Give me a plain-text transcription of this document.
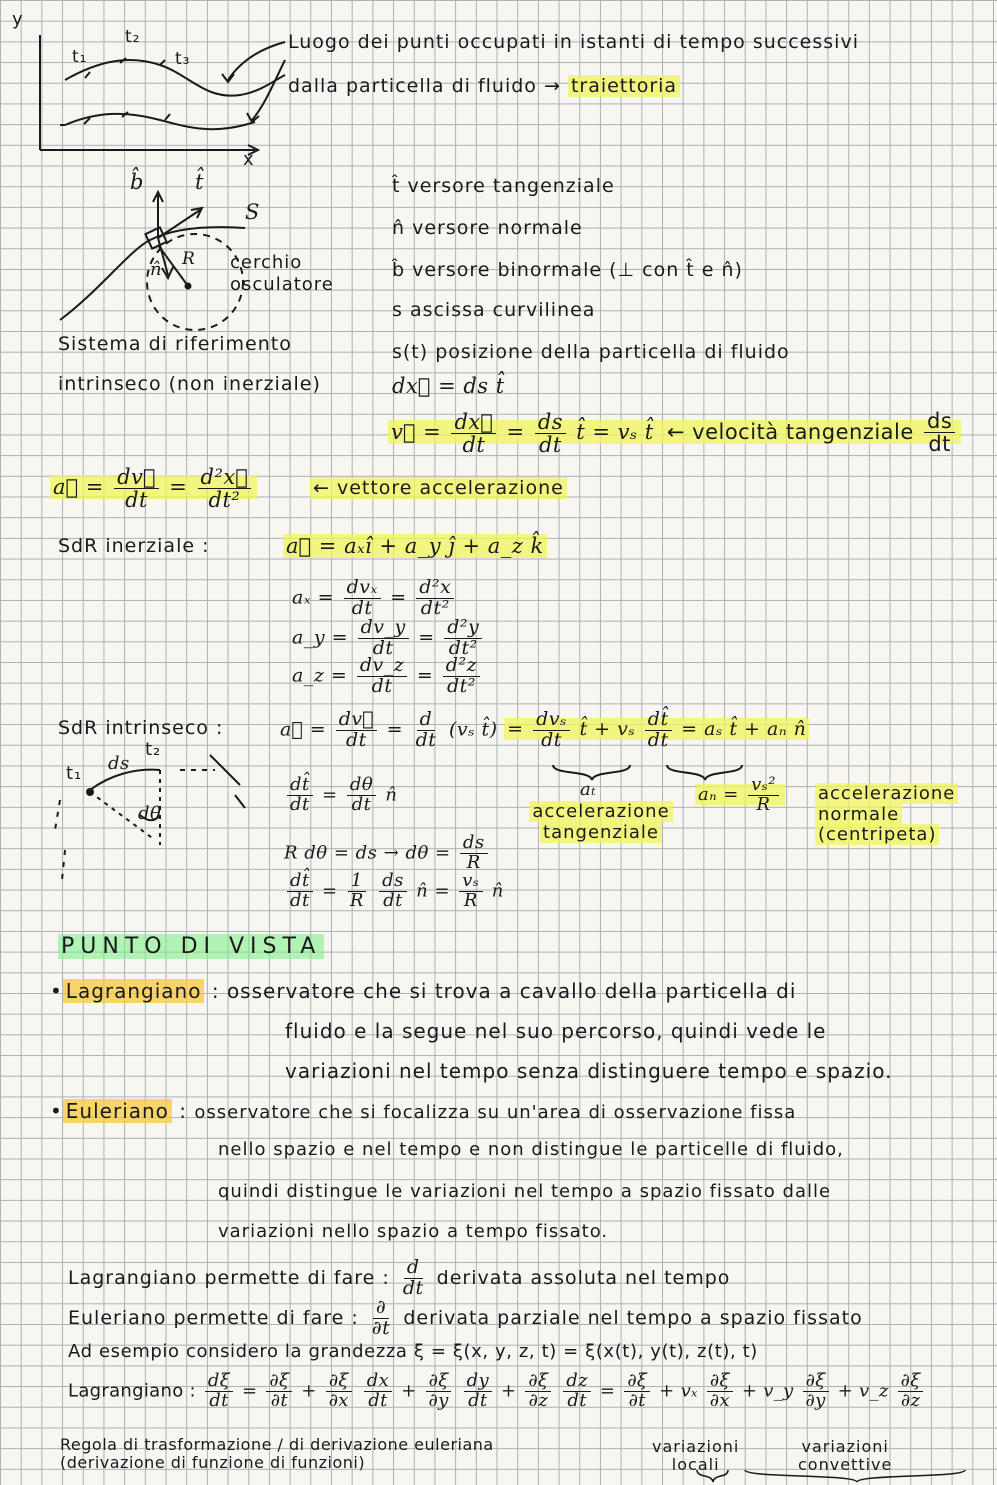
y
x
t₁
t₂
t₃
Luogo dei punti occupati in istanti di tempo successivi
dalla particella di fluido → traiettoria
b̂ t̂
S
n̂ R cerchio osculatore
Sistema di riferimento
intrinseco (non inerziale)
t̂ versore tangenziale
n̂ versore normale
b̂ versore binormale (⊥ con t̂ e n̂)
s ascissa curvilinea
s(t) posizione della particella di fluido
dx⃗ = ds t̂
v⃗ = $\frac{dx⃗}{dt} = \frac{ds}{dt}$ t̂ = vₛ t̂ ← velocità tangenziale $\frac{ds}{dt}$
a⃗ = $\frac{dv⃗}{dt} = \frac{\text{d²x⃗}}{\text{dt²}}$	← vettore accelerazione
SdR inerziale :	a⃗ = aₓî + a_y ĵ + a_z k̂
$a_x = \frac{\text{dvₓ}}{dt} = \frac{\text{d²x}}{\text{dt²}}$
a_y = $\frac{dv\_y}{dt} = \frac{\text{d²y}}{\text{dt²}}$
a_z = $\frac{dv\_z}{dt} = \frac{\text{d²z}}{\text{dt²}}$
SdR intrinseco :	a⃗ = $\frac{dv⃗}{dt} = \frac{d}{dt} (v_s$ t̂) = $\frac{\text{dvₛ}}{dt}$ t̂ + vₛ $\frac{dt̂}{dt} = a_s$ t̂ + aₙ n̂
aₜ
accelerazione
tangenziale
$a_n = \frac{\text{vₛ²}}{R}$ accelerazione
normale
(centripeta)
$\frac{dt̂}{dt} = \frac{d\theta}{dt}$ n̂
R dθ = ds → $d\theta = \frac{ds}{R}$
$\frac{dt̂}{dt} = \frac{1}{R}$
$\frac{ds}{dt}$ n̂ = $\frac{\text{vₛ}}{R}$ n̂
t₁
t₂
ds
dθ
PUNTO DI VISTA
• Lagrangiano : osservatore che si trova a cavallo della particella di
fluido e la segue nel suo percorso, quindi vede le
variazioni nel tempo senza distinguere tempo e spazio.
• Euleriano : osservatore che si focalizza su un'area di osservazione fissa
nello spazio e nel tempo e non distingue le particelle di fluido,
quindi distingue le variazioni nel tempo a spazio fissato dalle
variazioni nello spazio a tempo fissato.
Lagrangiano permette di fare : $\frac{d}{dt}$ derivata assoluta nel tempo
Euleriano permette di fare : $\frac{\partial}{\partial t}$ derivata parziale nel tempo a spazio fissato
Ad esempio considero la grandezza ξ = ξ(x, y, z, t) = ξ(x(t), y(t), z(t), t)
Lagrangiano : $\frac{d\xi}{dt} = \frac{\partial\xi}{\partial t} + \frac{\partial\xi}{\partial x}$
$\frac{dx}{dt} + \frac{\partial\xi}{\partial y}$
$\frac{dy}{dt} + \frac{\partial\xi}{\partial z}$
$\frac{dz}{dt} = \frac{\partial\xi}{\partial t} + v_x \frac{\partial\xi}{\partial x}$ + v_y $\frac{\partial\xi}{\partial y}$ + v_z $\frac{\partial\xi}{\partial z}$
Regola di trasformazione / di derivazione euleriana
(derivazione di funzione di funzioni)
variazioni
locali
variazioni
convettive
